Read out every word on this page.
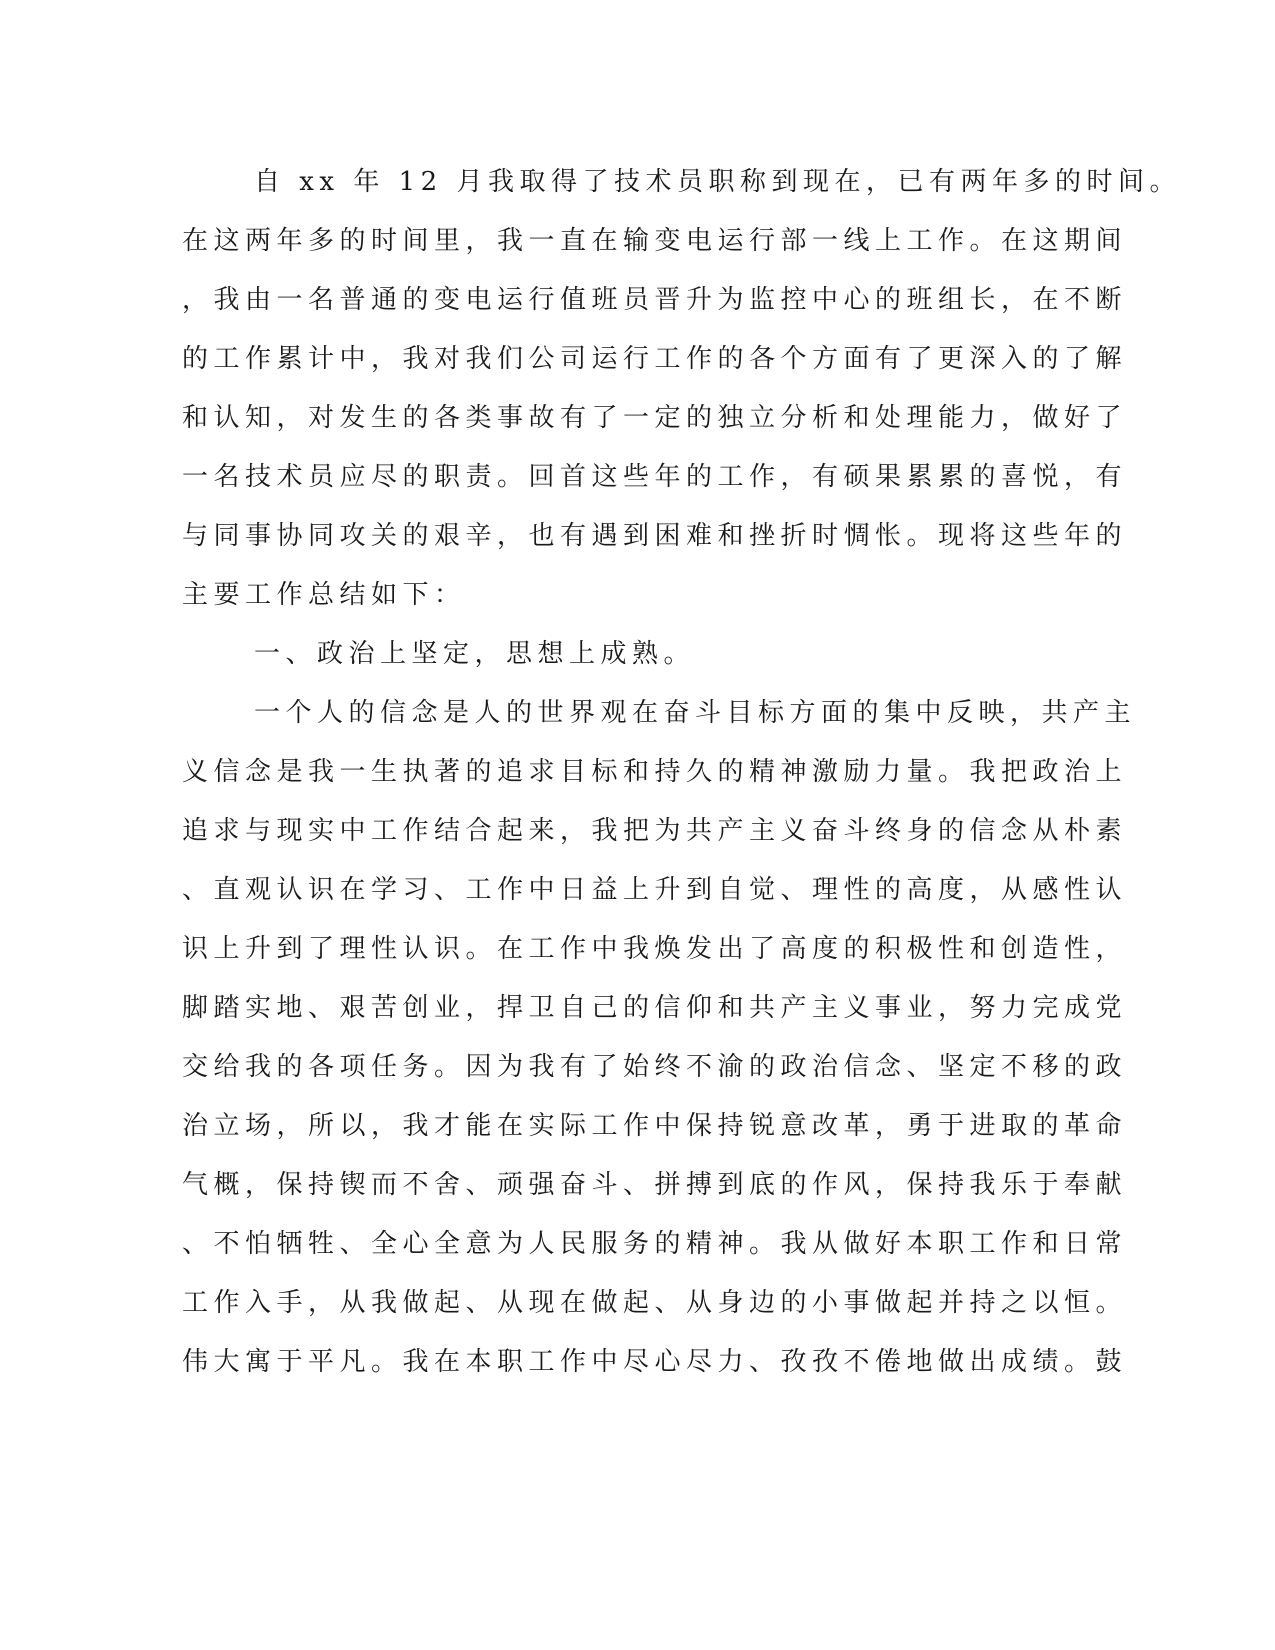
自 xx 年 12 月我取得了技术员职称到现在，已有两年多的时间。
在这两年多的时间里，我一直在输变电运行部一线上工作。在这期间
，我由一名普通的变电运行值班员晋升为监控中心的班组长，在不断
的工作累计中，我对我们公司运行工作的各个方面有了更深入的了解
和认知，对发生的各类事故有了一定的独立分析和处理能力，做好了
一名技术员应尽的职责。回首这些年的工作，有硕果累累的喜悦，有
与同事协同攻关的艰辛，也有遇到困难和挫折时惆怅。现将这些年的
主要工作总结如下：
一、政治上坚定，思想上成熟。
一个人的信念是人的世界观在奋斗目标方面的集中反映，共产主
义信念是我一生执著的追求目标和持久的精神激励力量。我把政治上
追求与现实中工作结合起来，我把为共产主义奋斗终身的信念从朴素
、直观认识在学习、工作中日益上升到自觉、理性的高度，从感性认
识上升到了理性认识。在工作中我焕发出了高度的积极性和创造性，
脚踏实地、艰苦创业，捍卫自己的信仰和共产主义事业，努力完成党
交给我的各项任务。因为我有了始终不渝的政治信念、坚定不移的政
治立场，所以，我才能在实际工作中保持锐意改革，勇于进取的革命
气概，保持锲而不舍、顽强奋斗、拼搏到底的作风，保持我乐于奉献
、不怕牺牲、全心全意为人民服务的精神。我从做好本职工作和日常
工作入手，从我做起、从现在做起、从身边的小事做起并持之以恒。
伟大寓于平凡。我在本职工作中尽心尽力、孜孜不倦地做出成绩。鼓
